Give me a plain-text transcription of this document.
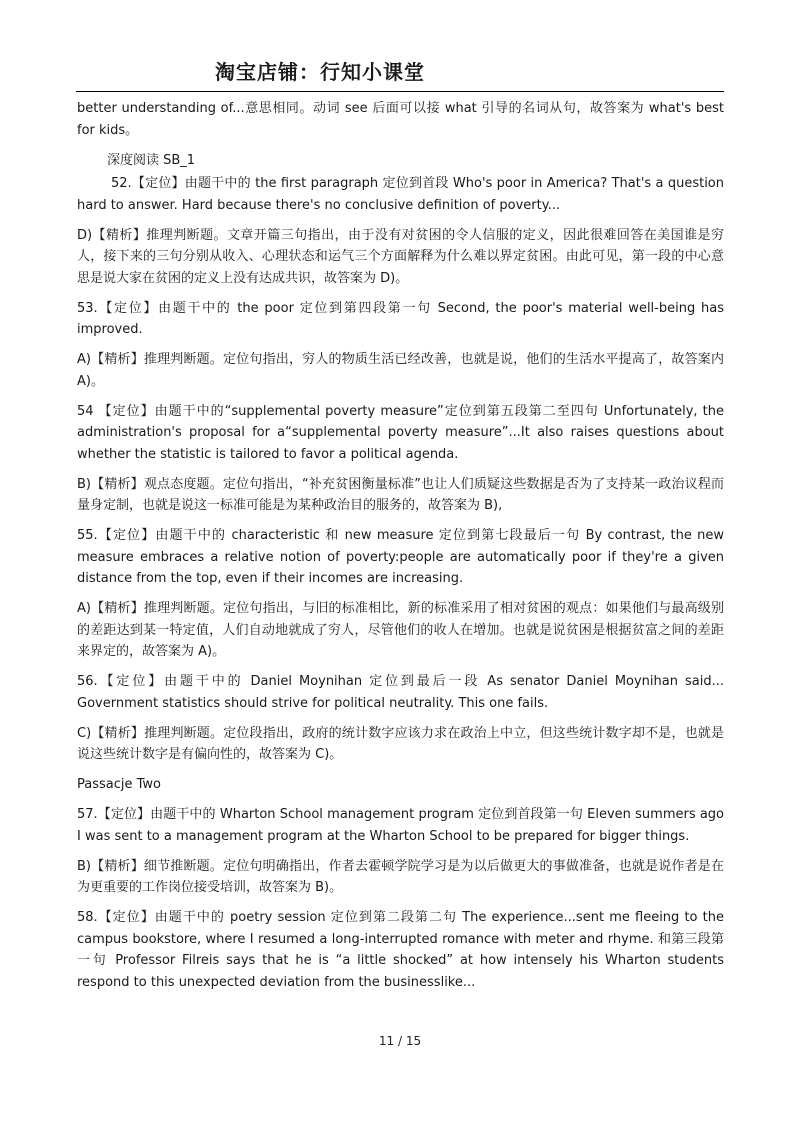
淘宝店铺：行知小课堂

better understanding of...意思相同。动词 see 后面可以接 what 引导的名词从句，故答案为 what's best for kids。

深度阅读 SB_1

52.【定位】由题干中的 the first paragraph 定位到首段 Who's poor in America? That's a question hard to answer. Hard because there's no conclusive definition of poverty...

D)【精析】推理判断题。文章开篇三句指出，由于没有对贫困的令人信服的定义，因此很难回答在美国谁是穷人，接下来的三句分别从收入、心理状态和运气三个方面解释为什么难以界定贫困。由此可见，第一段的中心意思是说大家在贫困的定义上没有达成共识，故答案为 D)。

53.【定位】由题干中的 the poor 定位到第四段第一句 Second, the poor's material well-being has improved.

A)【精析】推理判断题。定位句指出，穷人的物质生活已经改善，也就是说，他们的生活水平提高了，故答案内 A)。

54 【定位】由题干中的“supplemental poverty measure”定位到第五段第二至四句 Unfortunately, the administration's proposal for a“supplemental poverty measure”...It also raises questions about whether the statistic is tailored to favor a political agenda.

B)【精析】观点态度题。定位句指出，“补充贫困衡量标准”也让人们质疑这些数据是否为了支持某一政治议程而量身定制，也就是说这一标准可能是为某种政治目的服务的，故答案为 B),

55.【定位】由题干中的 characteristic 和 new measure 定位到第七段最后一句 By contrast, the new measure embraces a relative notion of poverty:people are automatically poor if they're a given distance from the top, even if their incomes are increasing.

A)【精析】推理判断题。定位句指出，与旧的标准相比，新的标准采用了相对贫困的观点：如果他们与最高级别的差距达到某一特定值，人们自动地就成了穷人，尽管他们的收人在增加。也就是说贫困是根据贫富之间的差距来界定的，故答案为 A)。

56.【定位】由题干中的 Daniel Moynihan 定位到最后一段 As senator Daniel Moynihan said... Government statistics should strive for political neutrality. This one fails.

C)【精析】推理判断题。定位段指出，政府的统计数字应该力求在政治上中立，但这些统计数字却不是，也就是说这些统计数字是有偏向性的，故答案为 C)。

Passacje Two

57.【定位】由题干中的 Wharton School management program 定位到首段第一句 Eleven summers ago I was sent to a management program at the Wharton School to be prepared for bigger things.

B)【精析】细节推断题。定位句明确指出，作者去霍顿学院学习是为以后做更大的事做准备，也就是说作者是在为更重要的工作岗位接受培训，故答案为 B)。

58.【定位】由题干中的 poetry session 定位到第二段第二句 The experience...sent me fleeing to the campus bookstore, where I resumed a long-interrupted romance with meter and rhyme. 和第三段第一句 Professor Filreis says that he is “a little shocked” at how intensely his Wharton students respond to this unexpected deviation from the businesslike...

11 / 15
